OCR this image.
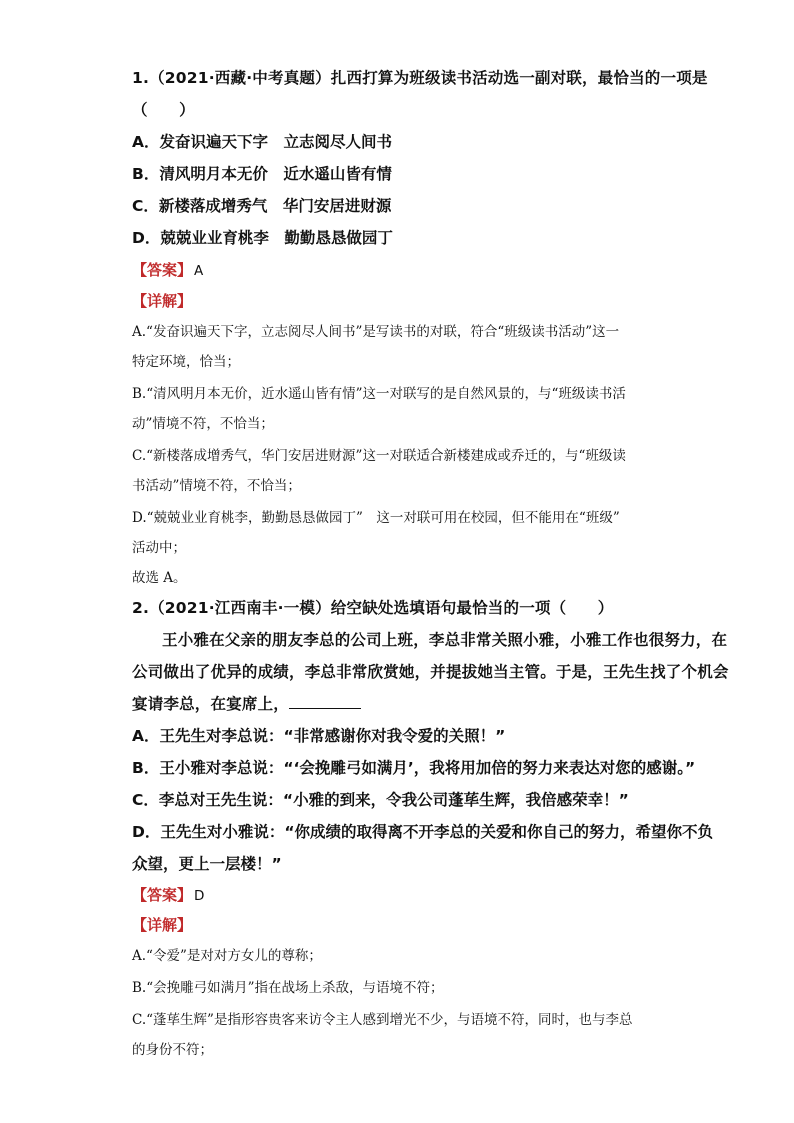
1.（2021·西藏·中考真题）扎西打算为班级读书活动选一副对联，最恰当的一项是
（　　）
A．发奋识遍天下字　立志阅尽人间书
B．清风明月本无价　近水遥山皆有情
C．新楼落成增秀气　华门安居进财源
D．兢兢业业育桃李　勤勤恳恳做园丁
【答案】 A
【详解】
A.“发奋识遍天下字，立志阅尽人间书”是写读书的对联，符合“班级读书活动”这一
特定环境，恰当；
B.“清风明月本无价，近水遥山皆有情”这一对联写的是自然风景的，与“班级读书活
动”情境不符，不恰当；
C.“新楼落成增秀气，华门安居进财源”这一对联适合新楼建成或乔迁的，与“班级读
书活动”情境不符，不恰当；
D.“兢兢业业育桃李，勤勤恳恳做园丁”　这一对联可用在校园，但不能用在“班级”
活动中；
故选 A。
2.（2021·江西南丰·一模）给空缺处选填语句最恰当的一项（　　）
王小雅在父亲的朋友李总的公司上班，李总非常关照小雅，小雅工作也很努力，在
公司做出了优异的成绩，李总非常欣赏她，并提拔她当主管。于是，王先生找了个机会
宴请李总，在宴席上，
A．王先生对李总说：“非常感谢你对我令爱的关照！”
B．王小雅对李总说：“‘会挽雕弓如满月’，我将用加倍的努力来表达对您的感谢。”
C．李总对王先生说：“小雅的到来，令我公司蓬荜生辉，我倍感荣幸！”
D．王先生对小雅说：“你成绩的取得离不开李总的关爱和你自己的努力，希望你不负
众望，更上一层楼！”
【答案】 D
【详解】
A.“令爱”是对对方女儿的尊称；
B.“会挽雕弓如满月”指在战场上杀敌，与语境不符；
C.“蓬荜生辉”是指形容贵客来访令主人感到增光不少，与语境不符，同时，也与李总
的身份不符；
